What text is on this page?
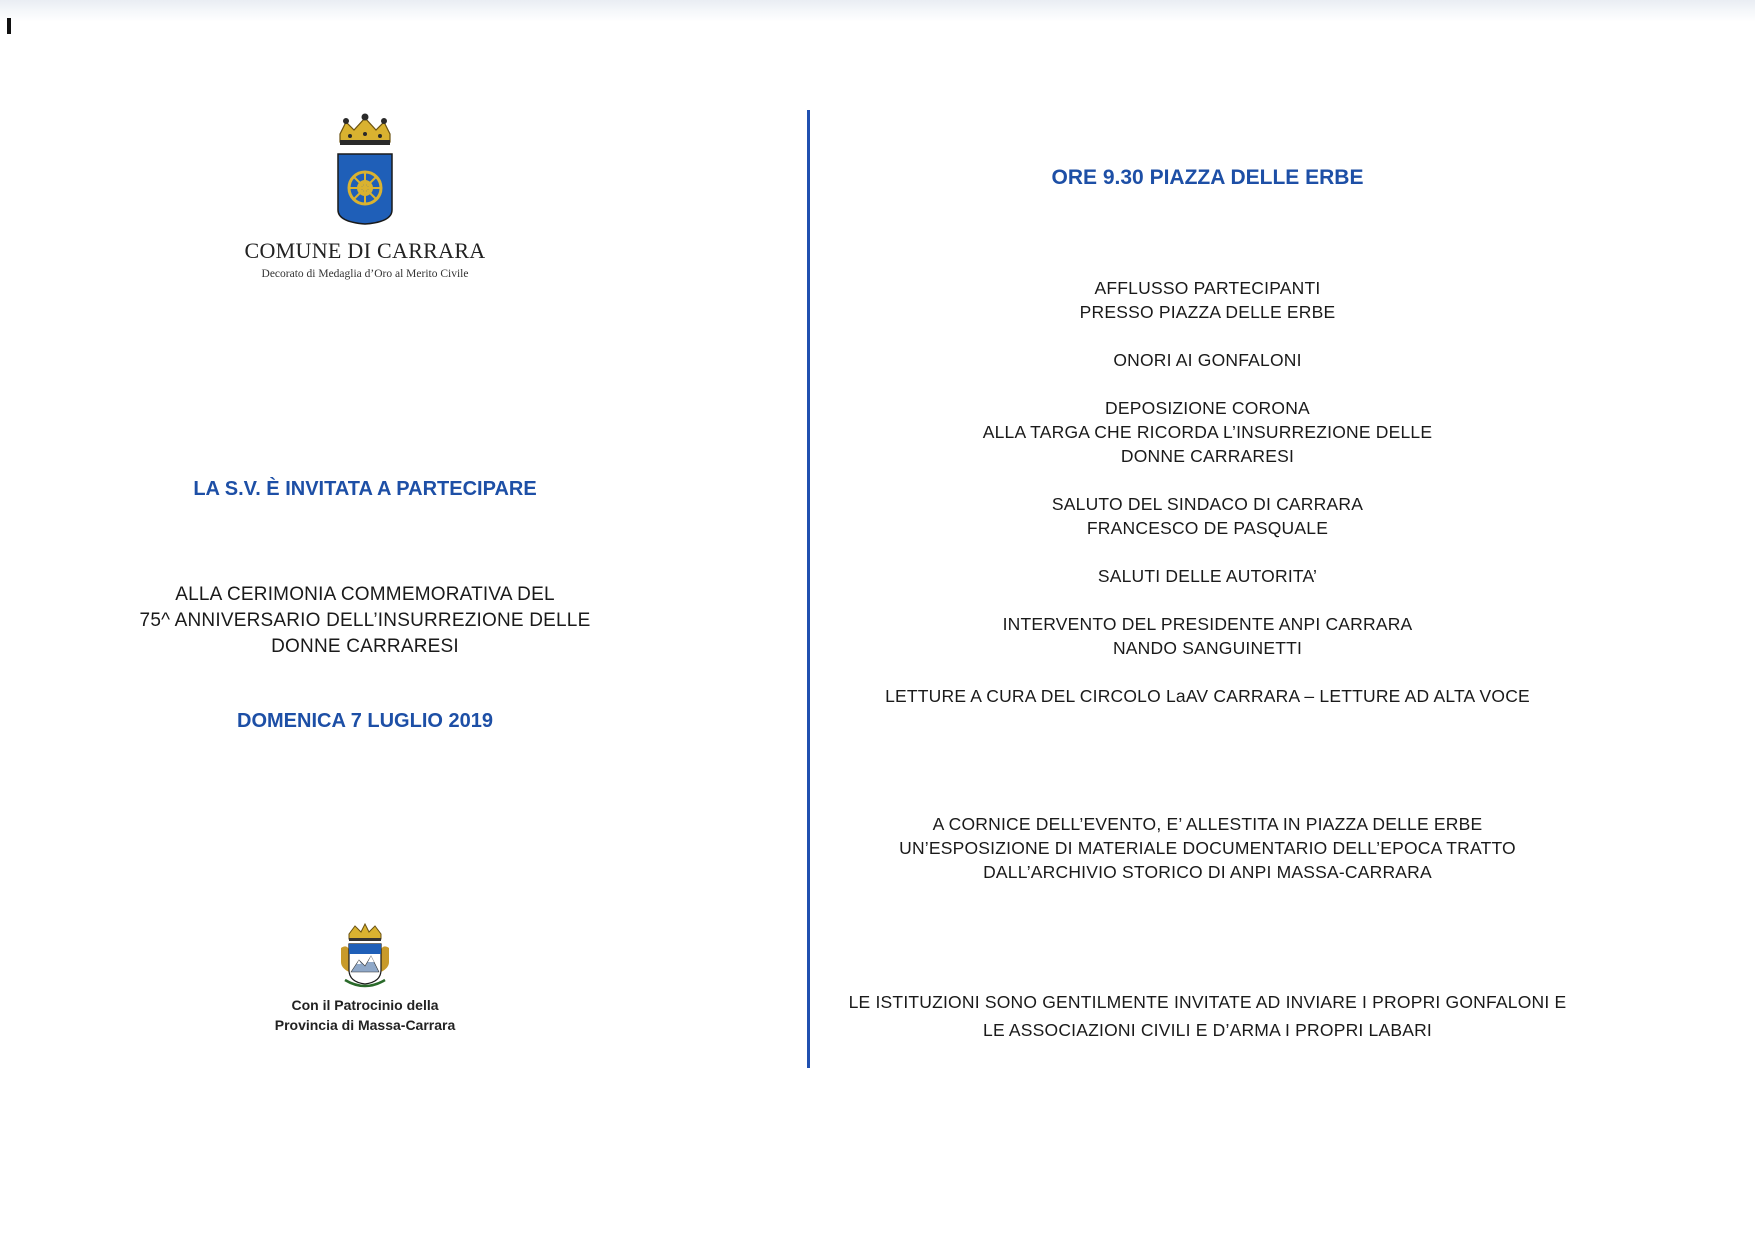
COMUNE DI CARRARA
Decorato di Medaglia d’Oro al Merito Civile
LA S.V. È INVITATA A PARTECIPARE
ALLA CERIMONIA COMMEMORATIVA DEL
75^ ANNIVERSARIO DELL’INSURREZIONE DELLE
DONNE CARRARESI
DOMENICA 7 LUGLIO 2019
Con il Patrocinio della
Provincia di Massa-Carrara
ORE 9.30 PIAZZA DELLE ERBE

AFFLUSSO PARTECIPANTI
PRESSO PIAZZA DELLE ERBE

ONORI AI GONFALONI

DEPOSIZIONE CORONA
ALLA TARGA CHE RICORDA L’INSURREZIONE DELLE
DONNE CARRARESI

SALUTO DEL SINDACO DI CARRARA
FRANCESCO DE PASQUALE

SALUTI DELLE AUTORITA’

INTERVENTO DEL PRESIDENTE ANPI CARRARA
NANDO SANGUINETTI

LETTURE A CURA DEL CIRCOLO LaAV CARRARA – LETTURE AD ALTA VOCE

A CORNICE DELL’EVENTO, E’ ALLESTITA IN PIAZZA DELLE ERBE
UN’ESPOSIZIONE DI MATERIALE DOCUMENTARIO DELL’EPOCA TRATTO
DALL’ARCHIVIO STORICO DI ANPI MASSA-CARRARA
LE ISTITUZIONI SONO GENTILMENTE INVITATE AD INVIARE I PROPRI GONFALONI E
LE ASSOCIAZIONI CIVILI E D’ARMA I PROPRI LABARI
